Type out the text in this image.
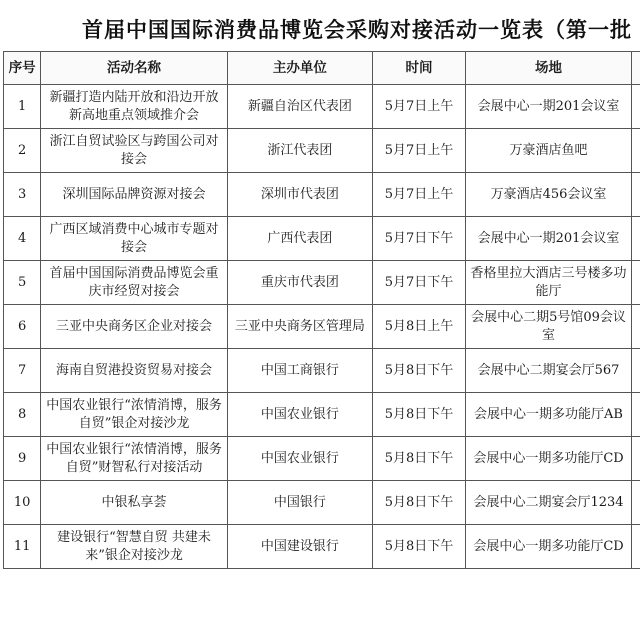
首届中国国际消费品博览会采购对接活动一览表（第一批
序号	活动名称	主办单位	时间	场地	
1	新疆打造内陆开放和沿边开放新高地重点领域推介会	新疆自治区代表团	5月7日上午	会展中心一期201会议室	
2	浙江自贸试验区与跨国公司对接会	浙江代表团	5月7日上午	万豪酒店鱼吧	
3	深圳国际品牌资源对接会	深圳市代表团	5月7日上午	万豪酒店456会议室	
4	广西区域消费中心城市专题对接会	广西代表团	5月7日下午	会展中心一期201会议室	
5	首届中国国际消费品博览会重庆市经贸对接会	重庆市代表团	5月7日下午	香格里拉大酒店三号楼多功能厅	
6	三亚中央商务区企业对接会	三亚中央商务区管理局	5月8日上午	会展中心二期5号馆09会议室	
7	海南自贸港投资贸易对接会	中国工商银行	5月8日下午	会展中心二期宴会厅567	
8	中国农业银行“浓情消博，服务自贸”银企对接沙龙	中国农业银行	5月8日下午	会展中心一期多功能厅AB	
9	中国农业银行“浓情消博，服务自贸”财智私行对接活动	中国农业银行	5月8日下午	会展中心一期多功能厅CD	
10	中银私享荟	中国银行	5月8日下午	会展中心二期宴会厅1234	
11	建设银行“智慧自贸 共建未来”银企对接沙龙	中国建设银行	5月8日下午	会展中心一期多功能厅CD	
